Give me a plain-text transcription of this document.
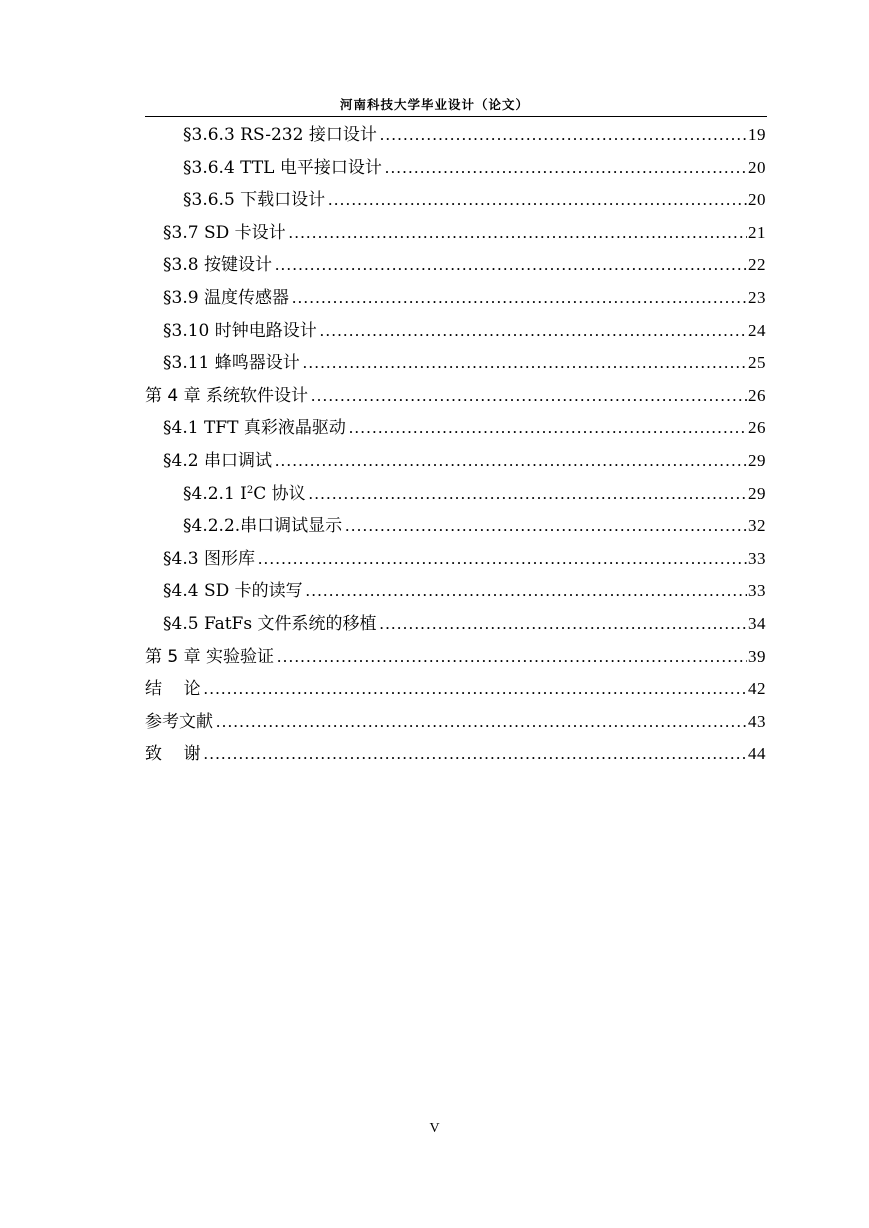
河南科技大学毕业设计（论文）
§3.6.3 RS-232 接口设计 .....	19
§3.6.4 TTL 电平接口设计 .....	20
§3.6.5 下载口设计 .....	20
§3.7 SD 卡设计 .....	21
§3.8 按键设计 .....	22
§3.9 温度传感器 .....	23
§3.10 时钟电路设计 .....	24
§3.11 蜂鸣器设计 .....	25
第 4 章 系统软件设计 .....	26
§4.1 TFT 真彩液晶驱动 .....	26
§4.2 串口调试 .....	29
§4.2.1 $I^2C$ 协议 .....	29
§4.2.2.串口调试显示 .....	32
§4.3 图形库 .....	33
§4.4 SD 卡的读写 .....	33
§4.5 FatFs 文件系统的移植 .....	34
第 5 章 实验验证 .....	39
结    论 .....	42
参考文献 .....	43
致    谢 .....	44
V
